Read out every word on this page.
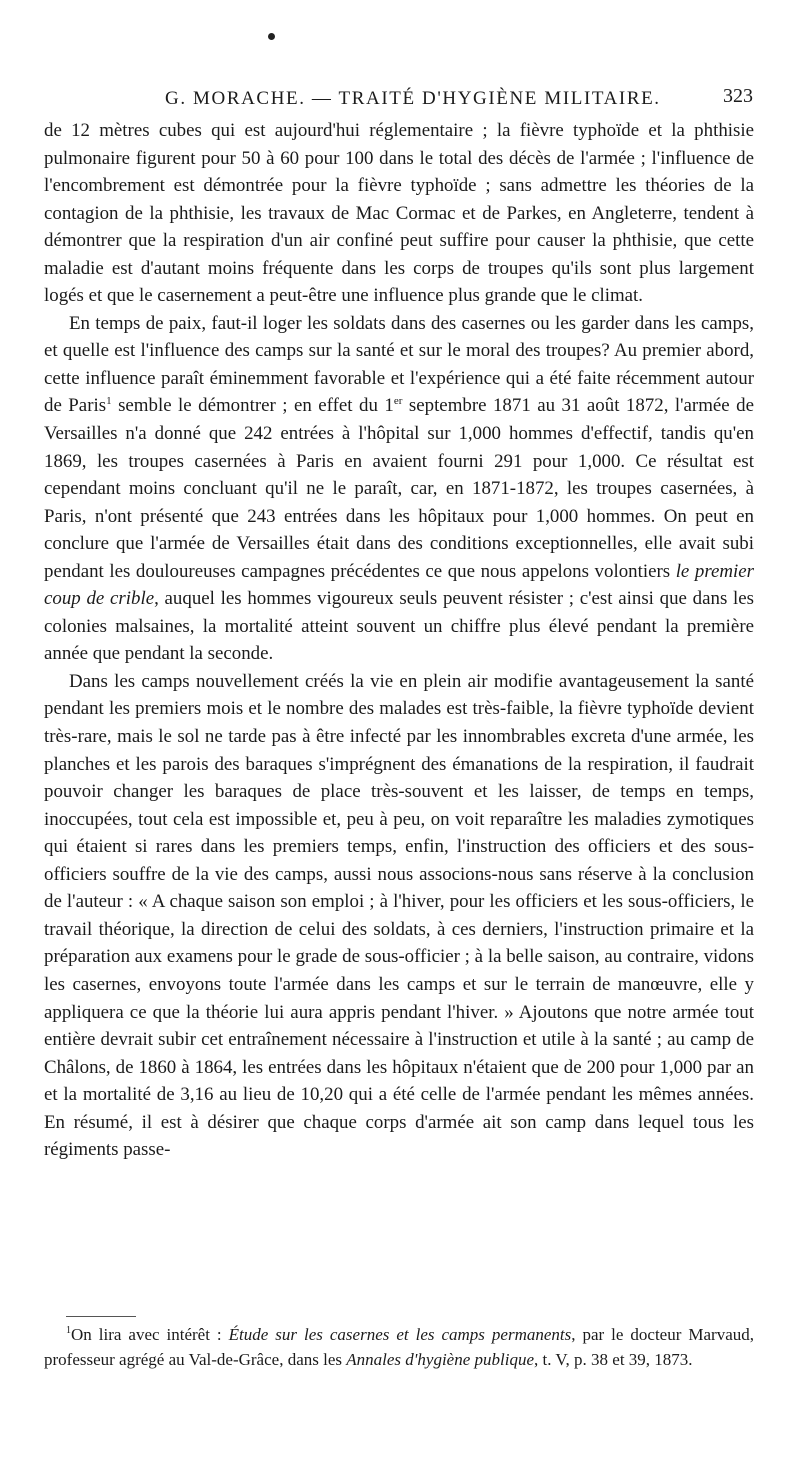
G. MORACHE. — TRAITÉ D'HYGIÈNE MILITAIRE.	323

de 12 mètres cubes qui est aujourd'hui réglementaire ; la fièvre typhoïde et la phthisie pulmonaire figurent pour 50 à 60 pour 100 dans le total des décès de l'armée ; l'influence de l'encombrement est démontrée pour la fièvre typhoïde ; sans admettre les théories de la contagion de la phthisie, les travaux de Mac Cormac et de Parkes, en Angleterre, tendent à démontrer que la respiration d'un air confiné peut suffire pour causer la phthisie, que cette maladie est d'autant moins fréquente dans les corps de troupes qu'ils sont plus largement logés et que le casernement a peut-être une influence plus grande que le climat.

En temps de paix, faut-il loger les soldats dans des casernes ou les garder dans les camps, et quelle est l'influence des camps sur la santé et sur le moral des troupes? Au premier abord, cette influence paraît éminemment favorable et l'expérience qui a été faite récemment autour de Paris$^1$ semble le démontrer ; en effet du 1er septembre 1871 au 31 août 1872, l'armée de Versailles n'a donné que 242 entrées à l'hôpital sur 1,000 hommes d'effectif, tandis qu'en 1869, les troupes casernées à Paris en avaient fourni 291 pour 1,000. Ce résultat est cependant moins concluant qu'il ne le paraît, car, en 1871-1872, les troupes casernées, à Paris, n'ont présenté que 243 entrées dans les hôpitaux pour 1,000 hommes. On peut en conclure que l'armée de Versailles était dans des conditions exceptionnelles, elle avait subi pendant les douloureuses campagnes précédentes ce que nous appelons volontiers le premier coup de crible, auquel les hommes vigoureux seuls peuvent résister ; c'est ainsi que dans les colonies malsaines, la mortalité atteint souvent un chiffre plus élevé pendant la première année que pendant la seconde.

Dans les camps nouvellement créés la vie en plein air modifie avantageusement la santé pendant les premiers mois et le nombre des malades est très-faible, la fièvre typhoïde devient très-rare, mais le sol ne tarde pas à être infecté par les innombrables excreta d'une armée, les planches et les parois des baraques s'imprégnent des émanations de la respiration, il faudrait pouvoir changer les baraques de place très-souvent et les laisser, de temps en temps, inoccupées, tout cela est impossible et, peu à peu, on voit reparaître les maladies zymotiques qui étaient si rares dans les premiers temps, enfin, l'instruction des officiers et des sous-officiers souffre de la vie des camps, aussi nous associons-nous sans réserve à la conclusion de l'auteur : « A chaque saison son emploi ; à l'hiver, pour les officiers et les sous-officiers, le travail théorique, la direction de celui des soldats, à ces derniers, l'instruction primaire et la préparation aux examens pour le grade de sous-officier ; à la belle saison, au contraire, vidons les casernes, envoyons toute l'armée dans les camps et sur le terrain de manœuvre, elle y appliquera ce que la théorie lui aura appris pendant l'hiver. » Ajoutons que notre armée tout entière devrait subir cet entraînement nécessaire à l'instruction et utile à la santé ; au camp de Châlons, de 1860 à 1864, les entrées dans les hôpitaux n'étaient que de 200 pour 1,000 par an et la mortalité de 3,16 au lieu de 10,20 qui a été celle de l'armée pendant les mêmes années. En résumé, il est à désirer que chaque corps d'armée ait son camp dans lequel tous les régiments passe-

$^1$On lira avec intérêt : Étude sur les casernes et les camps permanents, par le docteur Marvaud, professeur agrégé au Val-de-Grâce, dans les Annales d'hygiène publique, t. V, p. 38 et 39, 1873.
